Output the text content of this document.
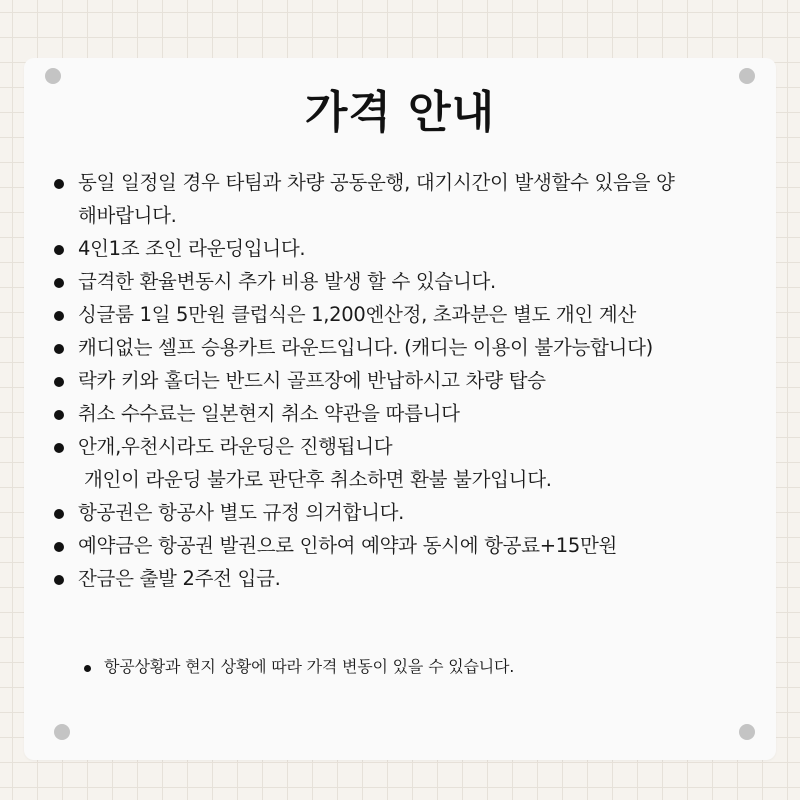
가격 안내
동일 일정일 경우 타팀과 차량 공동운행, 대기시간이 발생할수 있음을 양
해바랍니다.
4인1조 조인 라운딩입니다.
급격한 환율변동시 추가 비용 발생 할 수 있습니다.
싱글룸 1일 5만원 클럽식은 1,200엔산정, 초과분은 별도 개인 계산
캐디없는 셀프 승용카트 라운드입니다. (캐디는 이용이 불가능합니다)
락카 키와 홀더는 반드시 골프장에 반납하시고 차량 탑승
취소 수수료는 일본현지 취소 약관을 따릅니다
안개,우천시라도 라운딩은 진행됩니다
개인이 라운딩 불가로 판단후 취소하면 환불 불가입니다.
항공권은 항공사 별도 규정 의거합니다.
예약금은 항공권 발권으로 인하여 예약과 동시에 항공료+15만원
잔금은 출발 2주전 입금.
항공상황과 현지 상황에 따라 가격 변동이 있을 수 있습니다.
